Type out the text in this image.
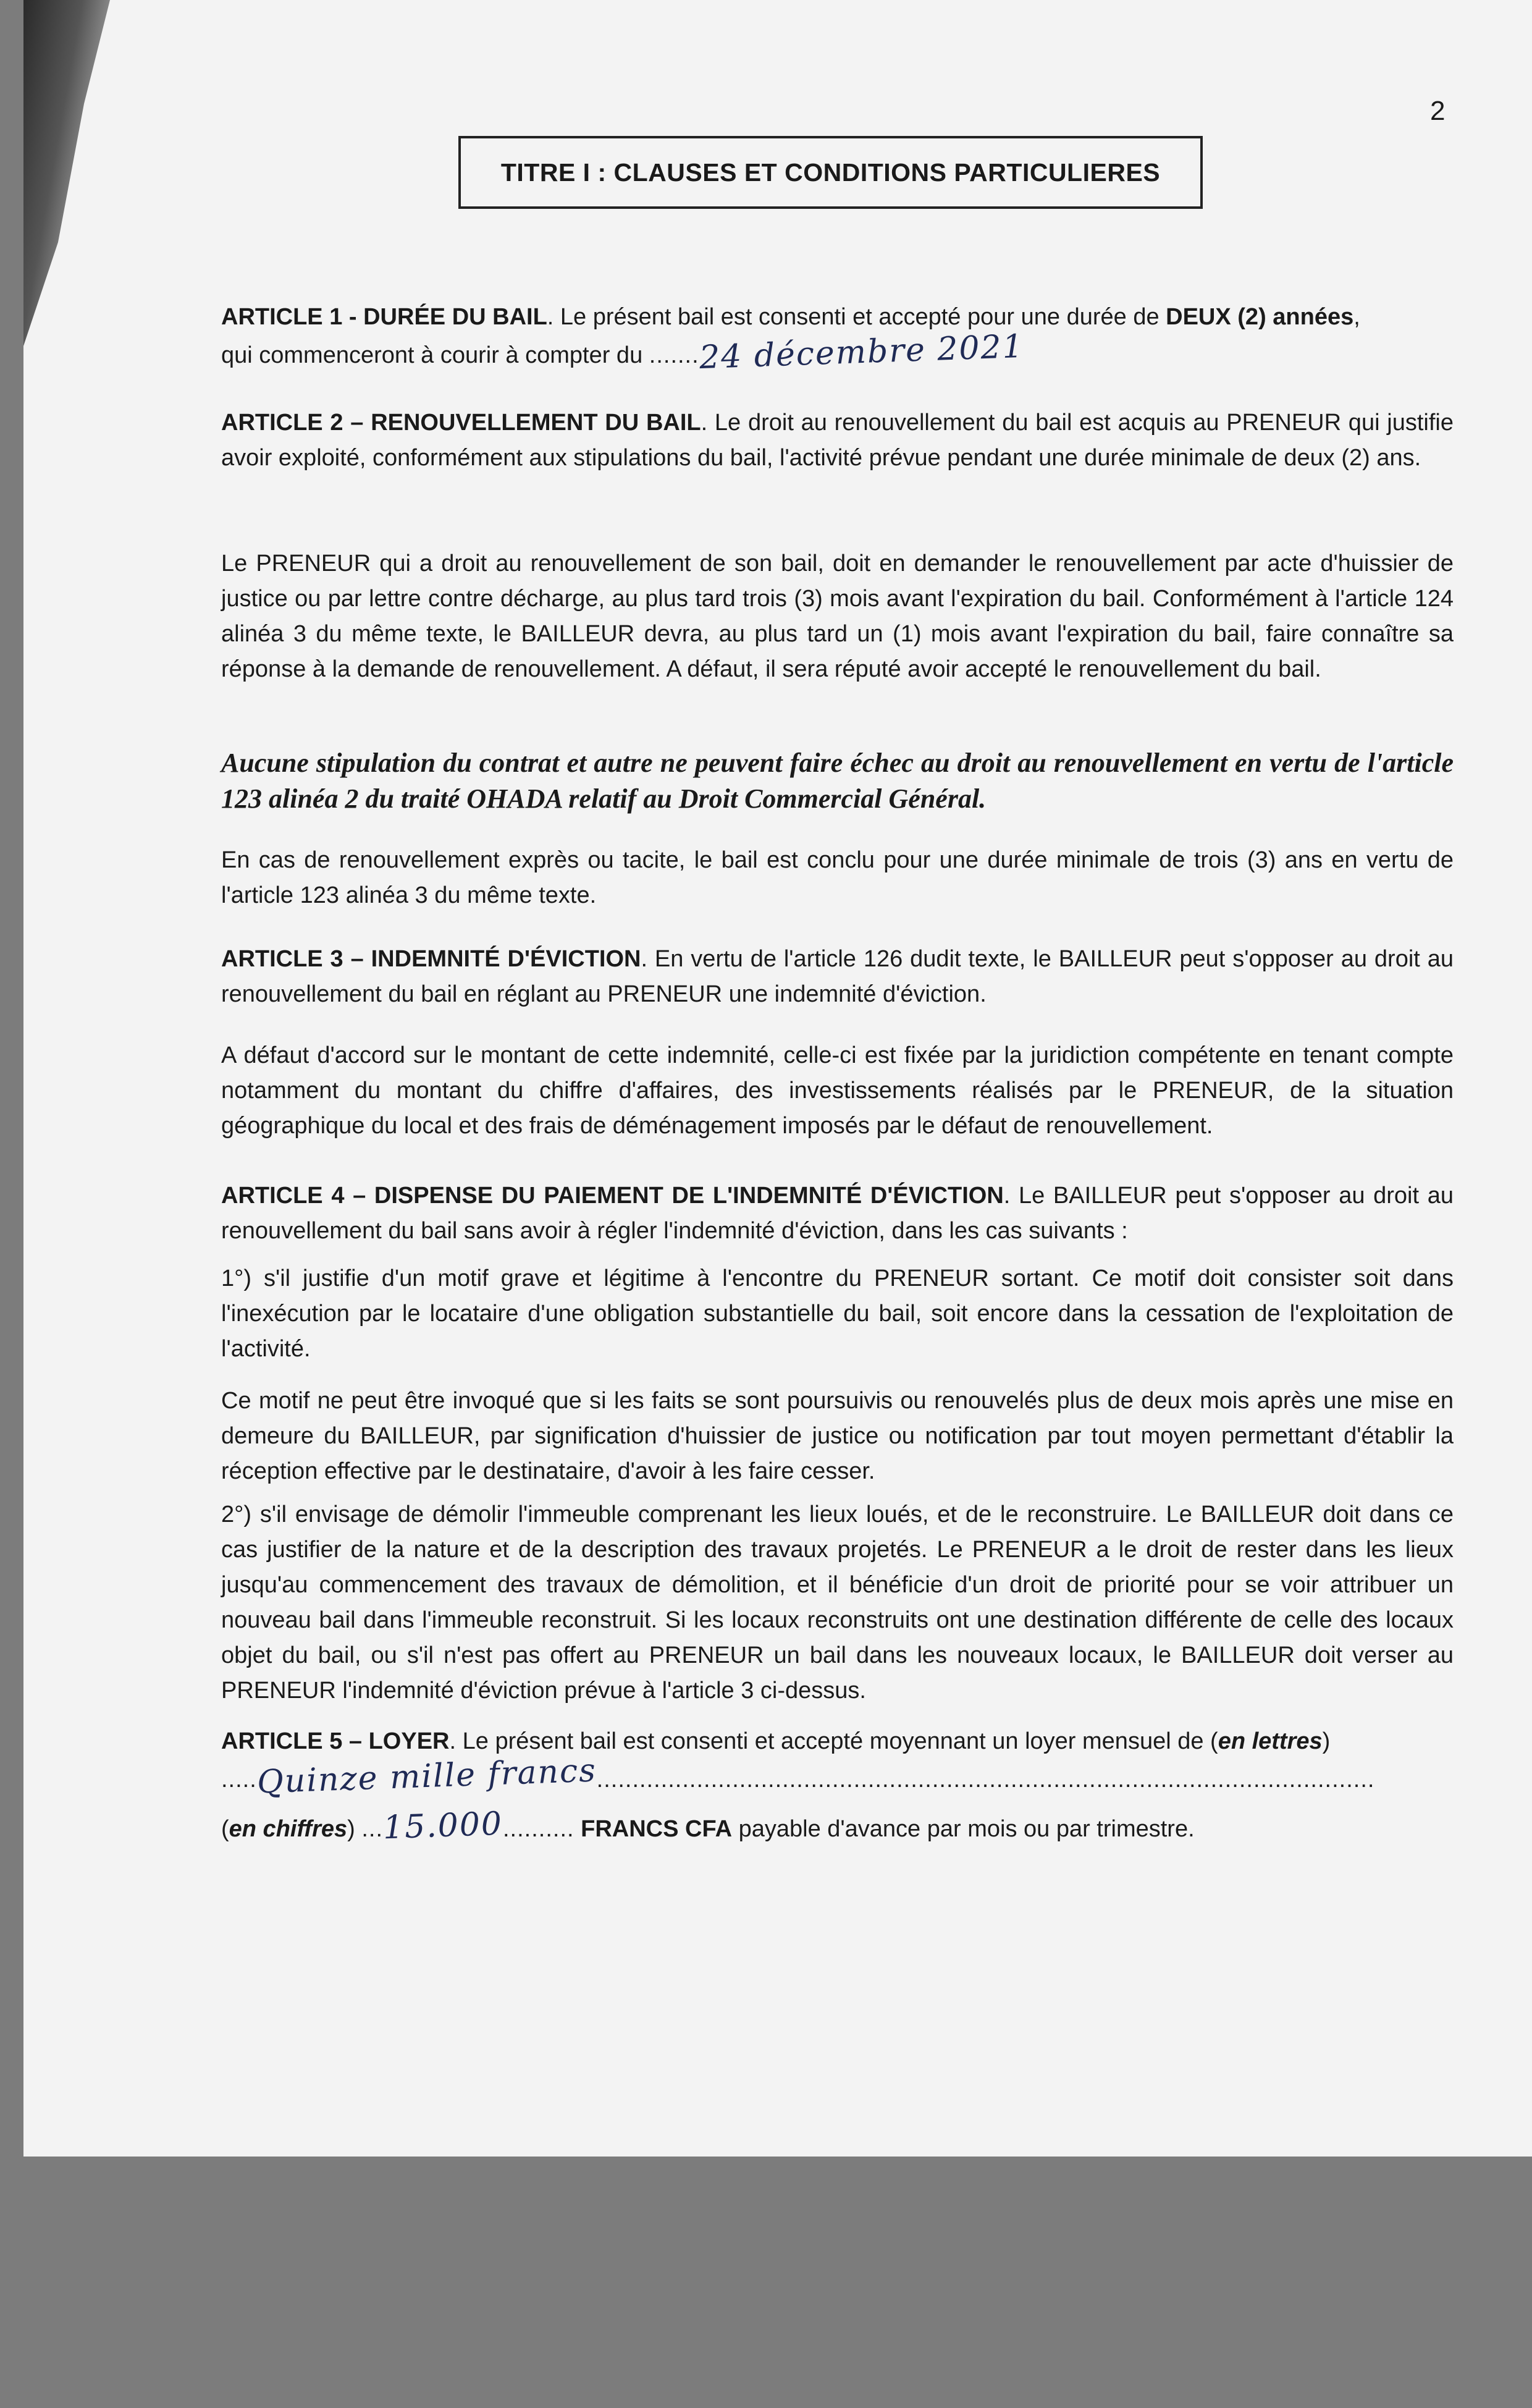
2
TITRE I : CLAUSES ET CONDITIONS PARTICULIERES

ARTICLE 1 - DURÉE DU BAIL. Le présent bail est consenti et accepté pour une durée de DEUX (2) années,
qui commenceront à courir à compter du .......24 décembre 2021

ARTICLE 2 – RENOUVELLEMENT DU BAIL. Le droit au renouvellement du bail est acquis au PRENEUR qui justifie avoir exploité, conformément aux stipulations du bail, l'activité prévue pendant une durée minimale de deux (2) ans.

Le PRENEUR qui a droit au renouvellement de son bail, doit en demander le renouvellement par acte d'huissier de justice ou par lettre contre décharge, au plus tard trois (3) mois avant l'expiration du bail. Conformément à l'article 124 alinéa 3 du même texte, le BAILLEUR devra, au plus tard un (1) mois avant l'expiration du bail, faire connaître sa réponse à la demande de renouvellement. A défaut, il sera réputé avoir accepté le renouvellement du bail.

Aucune stipulation du contrat et autre ne peuvent faire échec au droit au renouvellement en vertu de l'article 123 alinéa 2 du traité OHADA relatif au Droit Commercial Général.

En cas de renouvellement exprès ou tacite, le bail est conclu pour une durée minimale de trois (3) ans en vertu de l'article 123 alinéa 3 du même texte.

ARTICLE 3 – INDEMNITÉ D'ÉVICTION. En vertu de l'article 126 dudit texte, le BAILLEUR peut s'opposer au droit au renouvellement du bail en réglant au PRENEUR une indemnité d'éviction.

A défaut d'accord sur le montant de cette indemnité, celle-ci est fixée par la juridiction compétente en tenant compte notamment du montant du chiffre d'affaires, des investissements réalisés par le PRENEUR, de la situation géographique du local et des frais de déménagement imposés par le défaut de renouvellement.

ARTICLE 4 – DISPENSE DU PAIEMENT DE L'INDEMNITÉ D'ÉVICTION. Le BAILLEUR peut s'opposer au droit au renouvellement du bail sans avoir à régler l'indemnité d'éviction, dans les cas suivants :

1°) s'il justifie d'un motif grave et légitime à l'encontre du PRENEUR sortant. Ce motif doit consister soit dans l'inexécution par le locataire d'une obligation substantielle du bail, soit encore dans la cessation de l'exploitation de l'activité.

Ce motif ne peut être invoqué que si les faits se sont poursuivis ou renouvelés plus de deux mois après une mise en demeure du BAILLEUR, par signification d'huissier de justice ou notification par tout moyen permettant d'établir la réception effective par le destinataire, d'avoir à les faire cesser.

2°) s'il envisage de démolir l'immeuble comprenant les lieux loués, et de le reconstruire. Le BAILLEUR doit dans ce cas justifier de la nature et de la description des travaux projetés. Le PRENEUR a le droit de rester dans les lieux jusqu'au commencement des travaux de démolition, et il bénéficie d'un droit de priorité pour se voir attribuer un nouveau bail dans l'immeuble reconstruit. Si les locaux reconstruits ont une destination différente de celle des locaux objet du bail, ou s'il n'est pas offert au PRENEUR un bail dans les nouveaux locaux, le BAILLEUR doit verser au PRENEUR l'indemnité d'éviction prévue à l'article 3 ci-dessus.

ARTICLE 5 – LOYER. Le présent bail est consenti et accepté moyennant un loyer mensuel de (en lettres)

.....Quinze mille francs.............................................................................................................
(en chiffres) ...15.000.......... FRANCS CFA payable d'avance par mois ou par trimestre.
